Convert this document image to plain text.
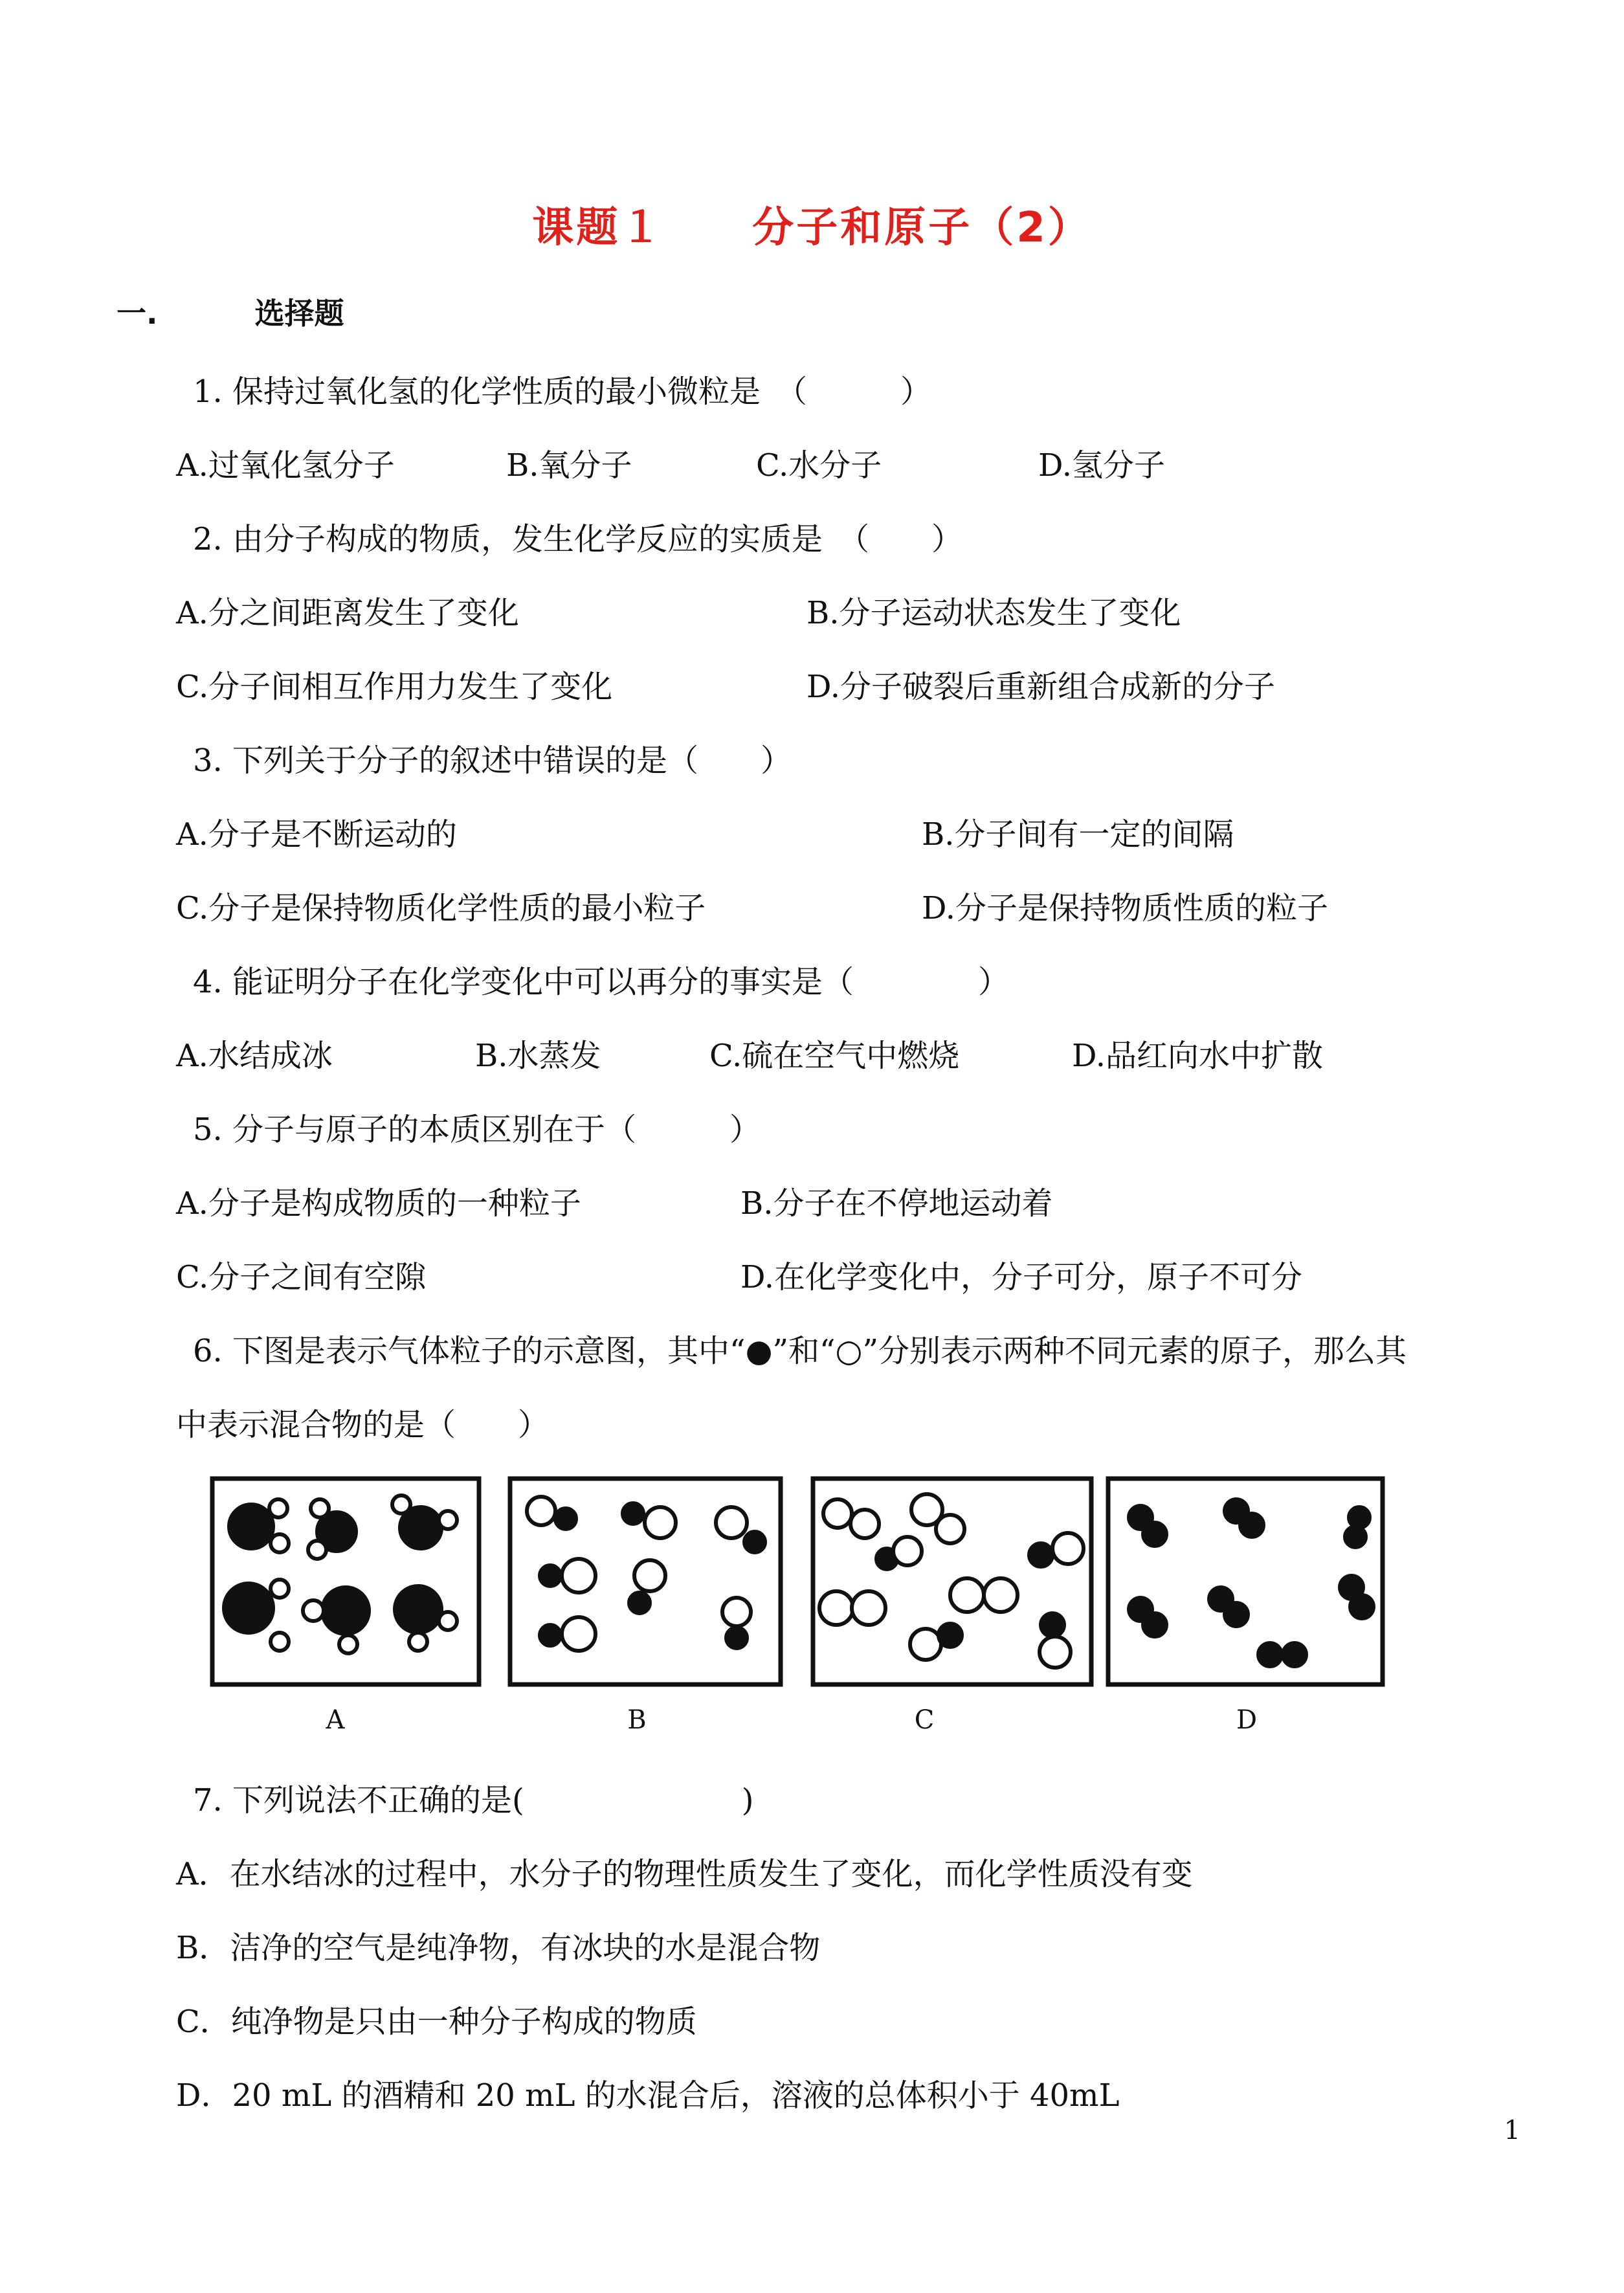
课题１　　分子和原子（2）
一.	选择题
1. 保持过氧化氢的化学性质的最小微粒是　（　　　）
A.过氧化氢分子	B.氧分子	C.水分子	D.氢分子
2. 由分子构成的物质，发生化学反应的实质是　（　　）
A.分之间距离发生了变化	B.分子运动状态发生了变化
C.分子间相互作用力发生了变化	D.分子破裂后重新组合成新的分子
3. 下列关于分子的叙述中错误的是（　　）
A.分子是不断运动的	B.分子间有一定的间隔
C.分子是保持物质化学性质的最小粒子	D.分子是保持物质性质的粒子
4. 能证明分子在化学变化中可以再分的事实是（　　　　）
A.水结成冰	B.水蒸发	C.硫在空气中燃烧	D.品红向水中扩散
5. 分子与原子的本质区别在于（　　　）
A.分子是构成物质的一种粒子	B.分子在不停地运动着
C.分子之间有空隙	D.在化学变化中，分子可分，原子不可分
6. 下图是表示气体粒子的示意图，其中“●”和“○”分别表示两种不同元素的原子，那么其
中表示混合物的是（　　）
A	B	C	D
7. 下列说法不正确的是(　　　　　　　)
A．在水结冰的过程中，水分子的物理性质发生了变化，而化学性质没有变
B．洁净的空气是纯净物，有冰块的水是混合物
C．纯净物是只由一种分子构成的物质
D．20 mL 的酒精和 20 mL 的水混合后，溶液的总体积小于 40mL
1
